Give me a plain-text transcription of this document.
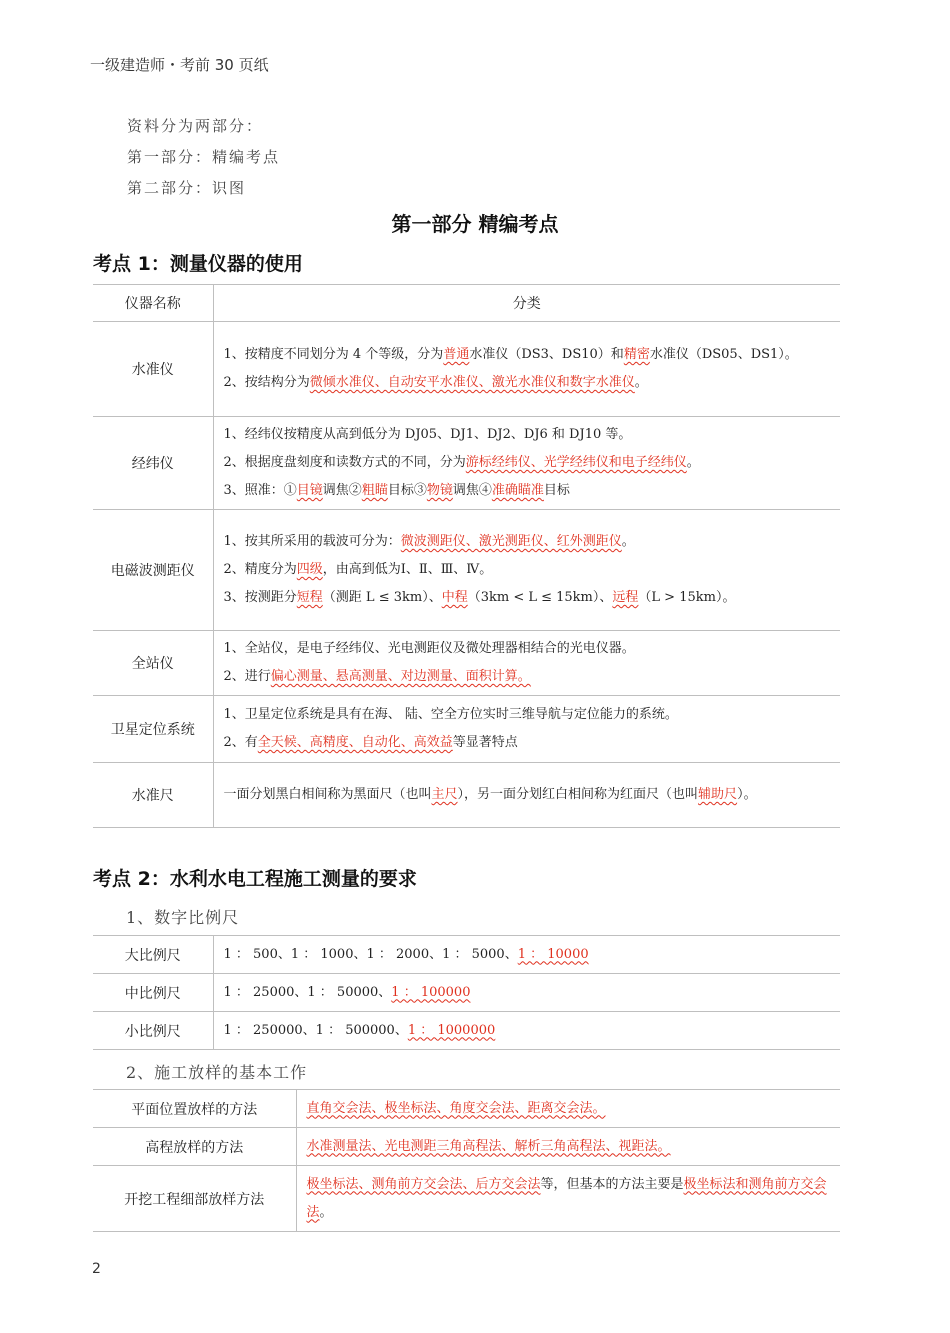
一级建造师・考前 30 页纸
资料分为两部分：
第一部分：精编考点
第二部分：识图
第一部分 精编考点
考点 1：测量仪器的使用
仪器名称	分类
水准仪	1、按精度不同划分为 4 个等级，分为普通水准仪（DS3、DS10）和精密水准仪（DS05、DS1）。
2、按结构分为微倾水准仪、自动安平水准仪、激光水准仪和数字水准仪。

经纬仪	1、经纬仪按精度从高到低分为 DJ05、DJ1、DJ2、DJ6 和 DJ10 等。
2、根据度盘刻度和读数方式的不同，分为游标经纬仪、光学经纬仪和电子经纬仪。
3、照准：①目镜调焦②粗瞄目标③物镜调焦④准确瞄准目标

电磁波测距仪	1、按其所采用的载波可分为：微波测距仪、激光测距仪、红外测距仪。
2、精度分为四级，由高到低为Ⅰ、Ⅱ、Ⅲ、Ⅳ。
3、按测距分短程（测距 L ≤ 3km）、中程（3km < L ≤ 15km）、远程（L > 15km）。

全站仪	1、全站仪，是电子经纬仪、光电测距仪及微处理器相结合的光电仪器。
2、进行偏心测量、悬高测量、对边测量、面积计算。

卫星定位系统	1、卫星定位系统是具有在海、 陆、空全方位实时三维导航与定位能力的系统。
2、有全天候、高精度、自动化、高效益等显著特点

水准尺	一面分划黑白相间称为黑面尺（也叫主尺），另一面分划红白相间称为红面尺（也叫辅助尺）。
考点 2：水利水电工程施工测量的要求
1、数字比例尺
大比例尺	1 ： 500、1 ： 1000、1 ： 2000、1 ： 5000、1 ： 10000
中比例尺	1 ： 25000、1 ： 50000、1 ： 100000
小比例尺	1 ： 250000、1 ： 500000、1 ： 1000000
2、施工放样的基本工作
平面位置放样的方法	直角交会法、极坐标法、角度交会法、距离交会法。

高程放样的方法	水准测量法、光电测距三角高程法、解析三角高程法、视距法。

开挖工程细部放样方法	极坐标法、测角前方交会法、后方交会法等，但基本的方法主要是极坐标法和测角前方交会法。
2
